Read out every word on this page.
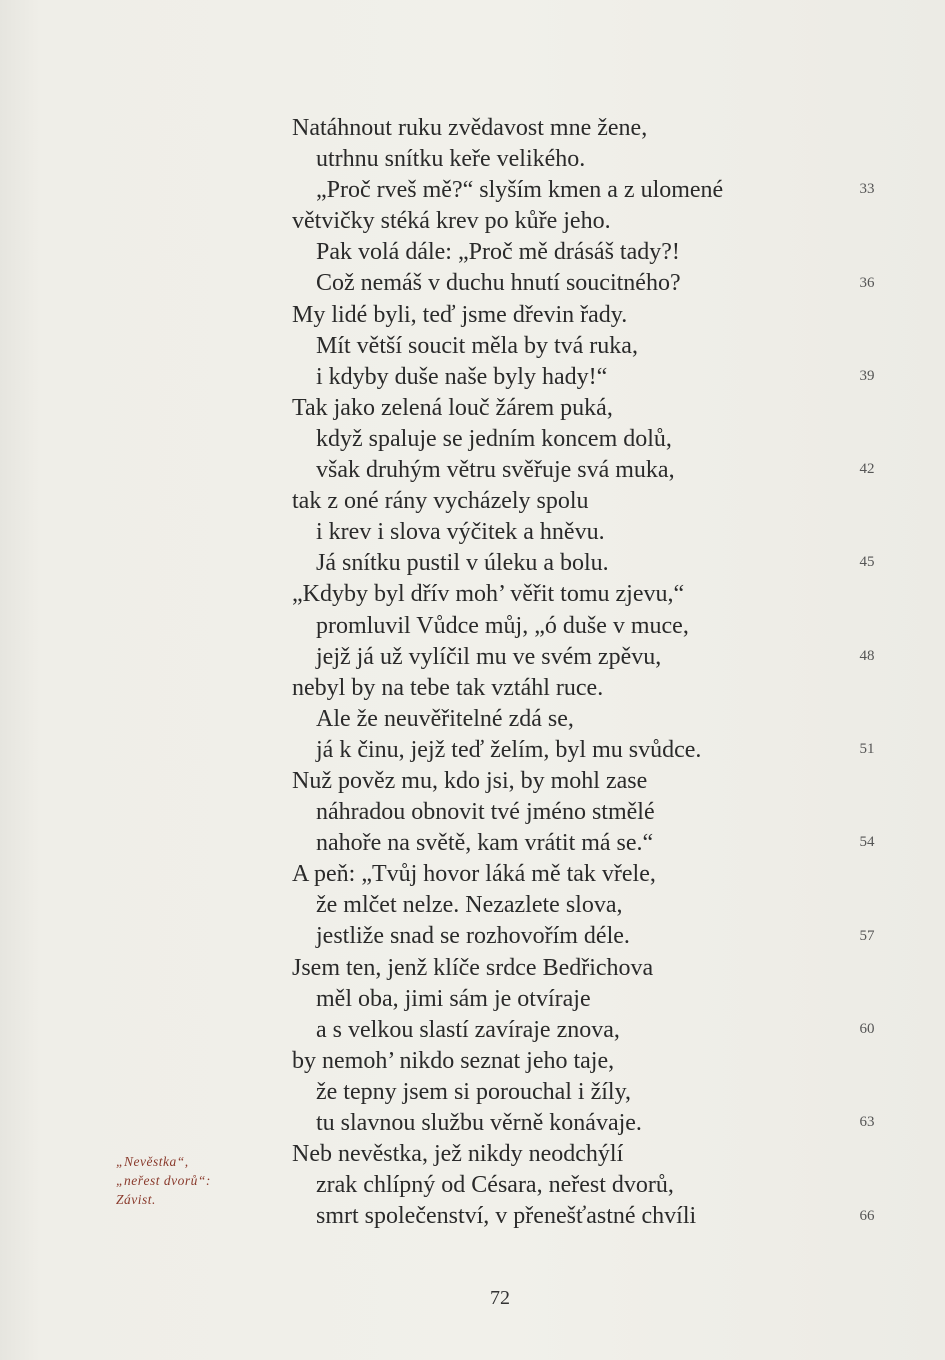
Natáhnout ruku zvědavost mne žene,
utrhnu snítku keře velikého.
„Proč rveš mě?“ slyším kmen a z ulomené
větvičky stéká krev po kůře jeho.
Pak volá dále: „Proč mě drásáš tady?!
Což nemáš v duchu hnutí soucitného?
My lidé byli, teď jsme dřevin řady.
Mít větší soucit měla by tvá ruka,
i kdyby duše naše byly hady!“
Tak jako zelená louč žárem puká,
když spaluje se jedním koncem dolů,
však druhým větru svěřuje svá muka,
tak z oné rány vycházely spolu
i krev i slova výčitek a hněvu.
Já snítku pustil v úleku a bolu.
„Kdyby byl dřív moh’ věřit tomu zjevu,“
promluvil Vůdce můj, „ó duše v muce,
jejž já už vylíčil mu ve svém zpěvu,
nebyl by na tebe tak vztáhl ruce.
Ale že neuvěřitelné zdá se,
já k činu, jejž teď želím, byl mu svůdce.
Nuž pověz mu, kdo jsi, by mohl zase
náhradou obnovit tvé jméno stmělé
nahoře na světě, kam vrátit má se.“
A peň: „Tvůj hovor láká mě tak vřele,
že mlčet nelze. Nezazlete slova,
jestliže snad se rozhovořím déle.
Jsem ten, jenž klíče srdce Bedřichova
měl oba, jimi sám je otvíraje
a s velkou slastí zavíraje znova,
by nemoh’ nikdo seznat jeho taje,
že tepny jsem si porouchal i žíly,
tu slavnou službu věrně konávaje.
Neb nevěstka, jež nikdy neodchýlí
zrak chlípný od Césara, neřest dvorů,
smrt společenství, v přenešťastné chvíli
33
36
39
42
45
48
51
54
57
60
63
66
„Nevěstka“,
„neřest dvorů“:
Závist.
72
